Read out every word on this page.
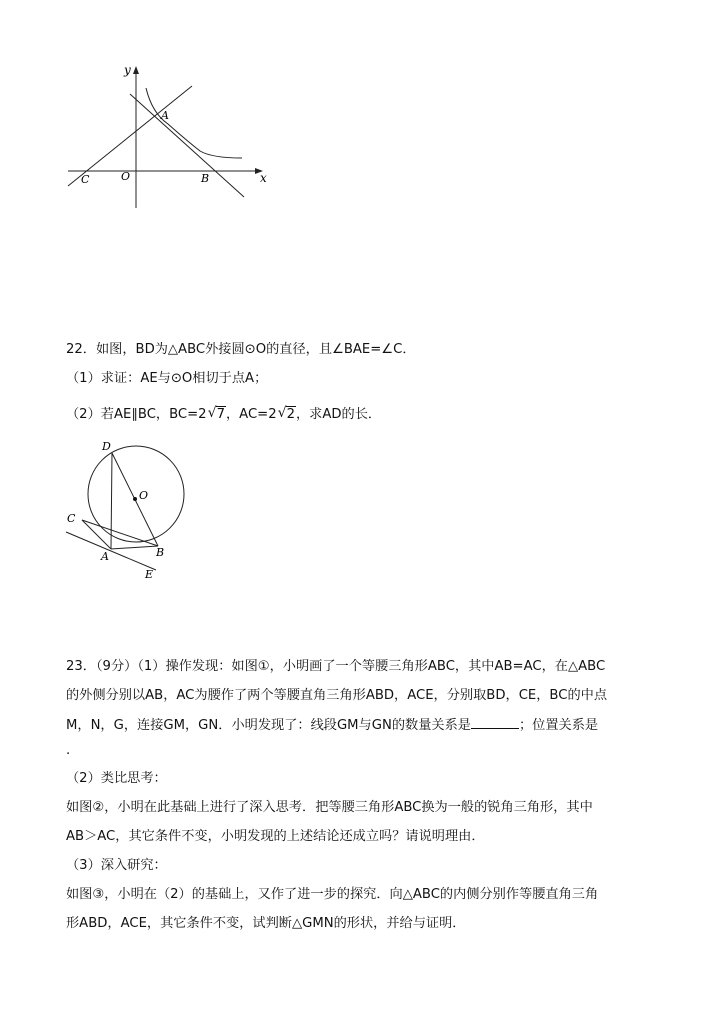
y
x
A
B
C	O
22．如图，BD为△ABC外接圆⊙O的直径，且∠BAE=∠C．
（1）求证：AE与⊙O相切于点A；
（2）若AE∥BC，BC=2 √ 7，AC=2 √ 2，求AD的长．
D
O
C
A	B
E
23．（9分）（1）操作发现：如图①，小明画了一个等腰三角形ABC，其中AB=AC，在△ABC
的外侧分别以AB，AC为腰作了两个等腰直角三角形ABD，ACE，分别取BD，CE，BC的中点
M，N，G，连接GM，GN．小明发现了：线段GM与GN的数量关系是	；位置关系是
.
（2）类比思考：
如图②，小明在此基础上进行了深入思考．把等腰三角形ABC换为一般的锐角三角形，其中
AB＞AC，其它条件不变，小明发现的上述结论还成立吗？请说明理由．
（3）深入研究：
如图③，小明在（2）的基础上，又作了进一步的探究．向△ABC的内侧分别作等腰直角三角
形ABD，ACE，其它条件不变，试判断△GMN的形状，并给与证明．
